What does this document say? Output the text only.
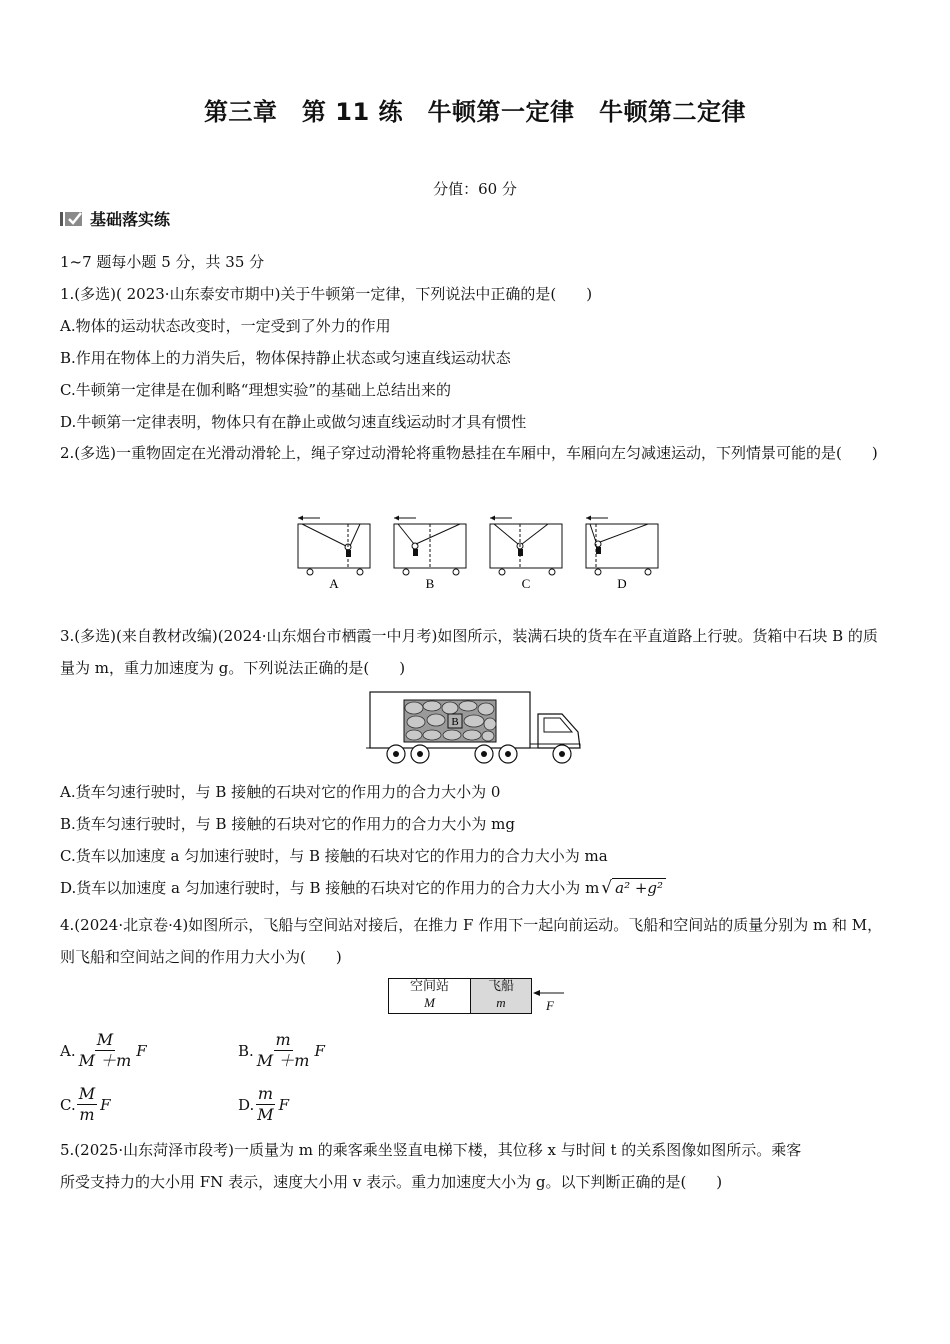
第三章　第 11 练　牛顿第一定律　牛顿第二定律
分值：60 分
基础落实练
1~7 题每小题 5 分，共 35 分
1.(多选)( 2023·山东泰安市期中)关于牛顿第一定律，下列说法中正确的是(　　)
A.物体的运动状态改变时，一定受到了外力的作用
B.作用在物体上的力消失后，物体保持静止状态或匀速直线运动状态
C.牛顿第一定律是在伽利略“理想实验”的基础上总结出来的
D.牛顿第一定律表明，物体只有在静止或做匀速直线运动时才具有惯性
2.(多选)一重物固定在光滑动滑轮上，绳子穿过动滑轮将重物悬挂在车厢中，车厢向左匀减速运动，下列情景可能的是(　　)
A	B	C	D
3.(多选)(来自教材改编)(2024·山东烟台市栖霞一中月考)如图所示，装满石块的货车在平直道路上行驶。货箱中石块 B 的质量为 m，重力加速度为 g。下列说法正确的是(　　)
B
A.货车匀速行驶时，与 B 接触的石块对它的作用力的合力大小为 0
B.货车匀速行驶时，与 B 接触的石块对它的作用力的合力大小为 mg
C.货车以加速度 a 匀加速行驶时，与 B 接触的石块对它的作用力的合力大小为 ma
D.货车以加速度 a 匀加速行驶时，与 B 接触的石块对它的作用力的合力大小为 m √ a² +g²
4.(2024·北京卷·4)如图所示，飞船与空间站对接后，在推力 F 作用下一起向前运动。飞船和空间站的质量分别为 m 和 M，则飞船和空间站之间的作用力大小为(　　)
空间站
M
飞船
m	F
A. $\frac{M}{M +m}$ F	B. $\frac{m}{M +m}$ F
C. $\frac{M}{m}$ F	D. $\frac{m}{M}$ F
5.(2025·山东菏泽市段考)一质量为 m 的乘客乘坐竖直电梯下楼，其位移 x 与时间 t 的关系图像如图所示。乘客
所受支持力的大小用 FN 表示，速度大小用 v 表示。重力加速度大小为 g。以下判断正确的是(　　)
